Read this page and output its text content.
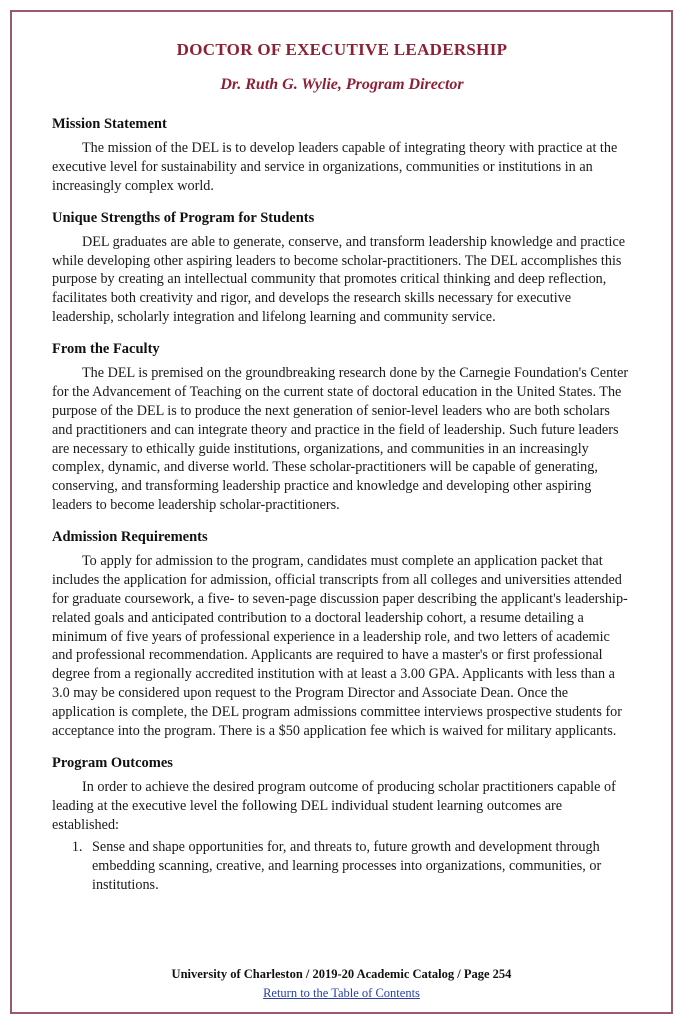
DOCTOR OF EXECUTIVE LEADERSHIP
Dr. Ruth G. Wylie, Program Director
Mission Statement

The mission of the DEL is to develop leaders capable of integrating theory with practice at the executive level for sustainability and service in organizations, communities or institutions in an increasingly complex world.

Unique Strengths of Program for Students

DEL graduates are able to generate, conserve, and transform leadership knowledge and practice while developing other aspiring leaders to become scholar-practitioners. The DEL accomplishes this purpose by creating an intellectual community that promotes critical thinking and deep reflection, facilitates both creativity and rigor, and develops the research skills necessary for executive leadership, scholarly integration and lifelong learning and community service.

From the Faculty

The DEL is premised on the groundbreaking research done by the Carnegie Foundation's Center for the Advancement of Teaching on the current state of doctoral education in the United States. The purpose of the DEL is to produce the next generation of senior-level leaders who are both scholars and practitioners and can integrate theory and practice in the field of leadership. Such future leaders are necessary to ethically guide institutions, organizations, and communities in an increasingly complex, dynamic, and diverse world. These scholar-practitioners will be capable of generating, conserving, and transforming leadership practice and knowledge and developing other aspiring leaders to become leadership scholar-practitioners.

Admission Requirements

To apply for admission to the program, candidates must complete an application packet that includes the application for admission, official transcripts from all colleges and universities attended for graduate coursework, a five- to seven-page discussion paper describing the applicant's leadership-related goals and anticipated contribution to a doctoral leadership cohort, a resume detailing a minimum of five years of professional experience in a leadership role, and two letters of academic and professional recommendation. Applicants are required to have a master's or first professional degree from a regionally accredited institution with at least a 3.00 GPA. Applicants with less than a 3.0 may be considered upon request to the Program Director and Associate Dean. Once the application is complete, the DEL program admissions committee interviews prospective students for acceptance into the program. There is a $50 application fee which is waived for military applicants.

Program Outcomes

In order to achieve the desired program outcome of producing scholar practitioners capable of leading at the executive level the following DEL individual student learning outcomes are established:

1. Sense and shape opportunities for, and threats to, future growth and development through embedding scanning, creative, and learning processes into organizations, communities, or institutions.
University of Charleston / 2019-20 Academic Catalog / Page 254
Return to the Table of Contents
